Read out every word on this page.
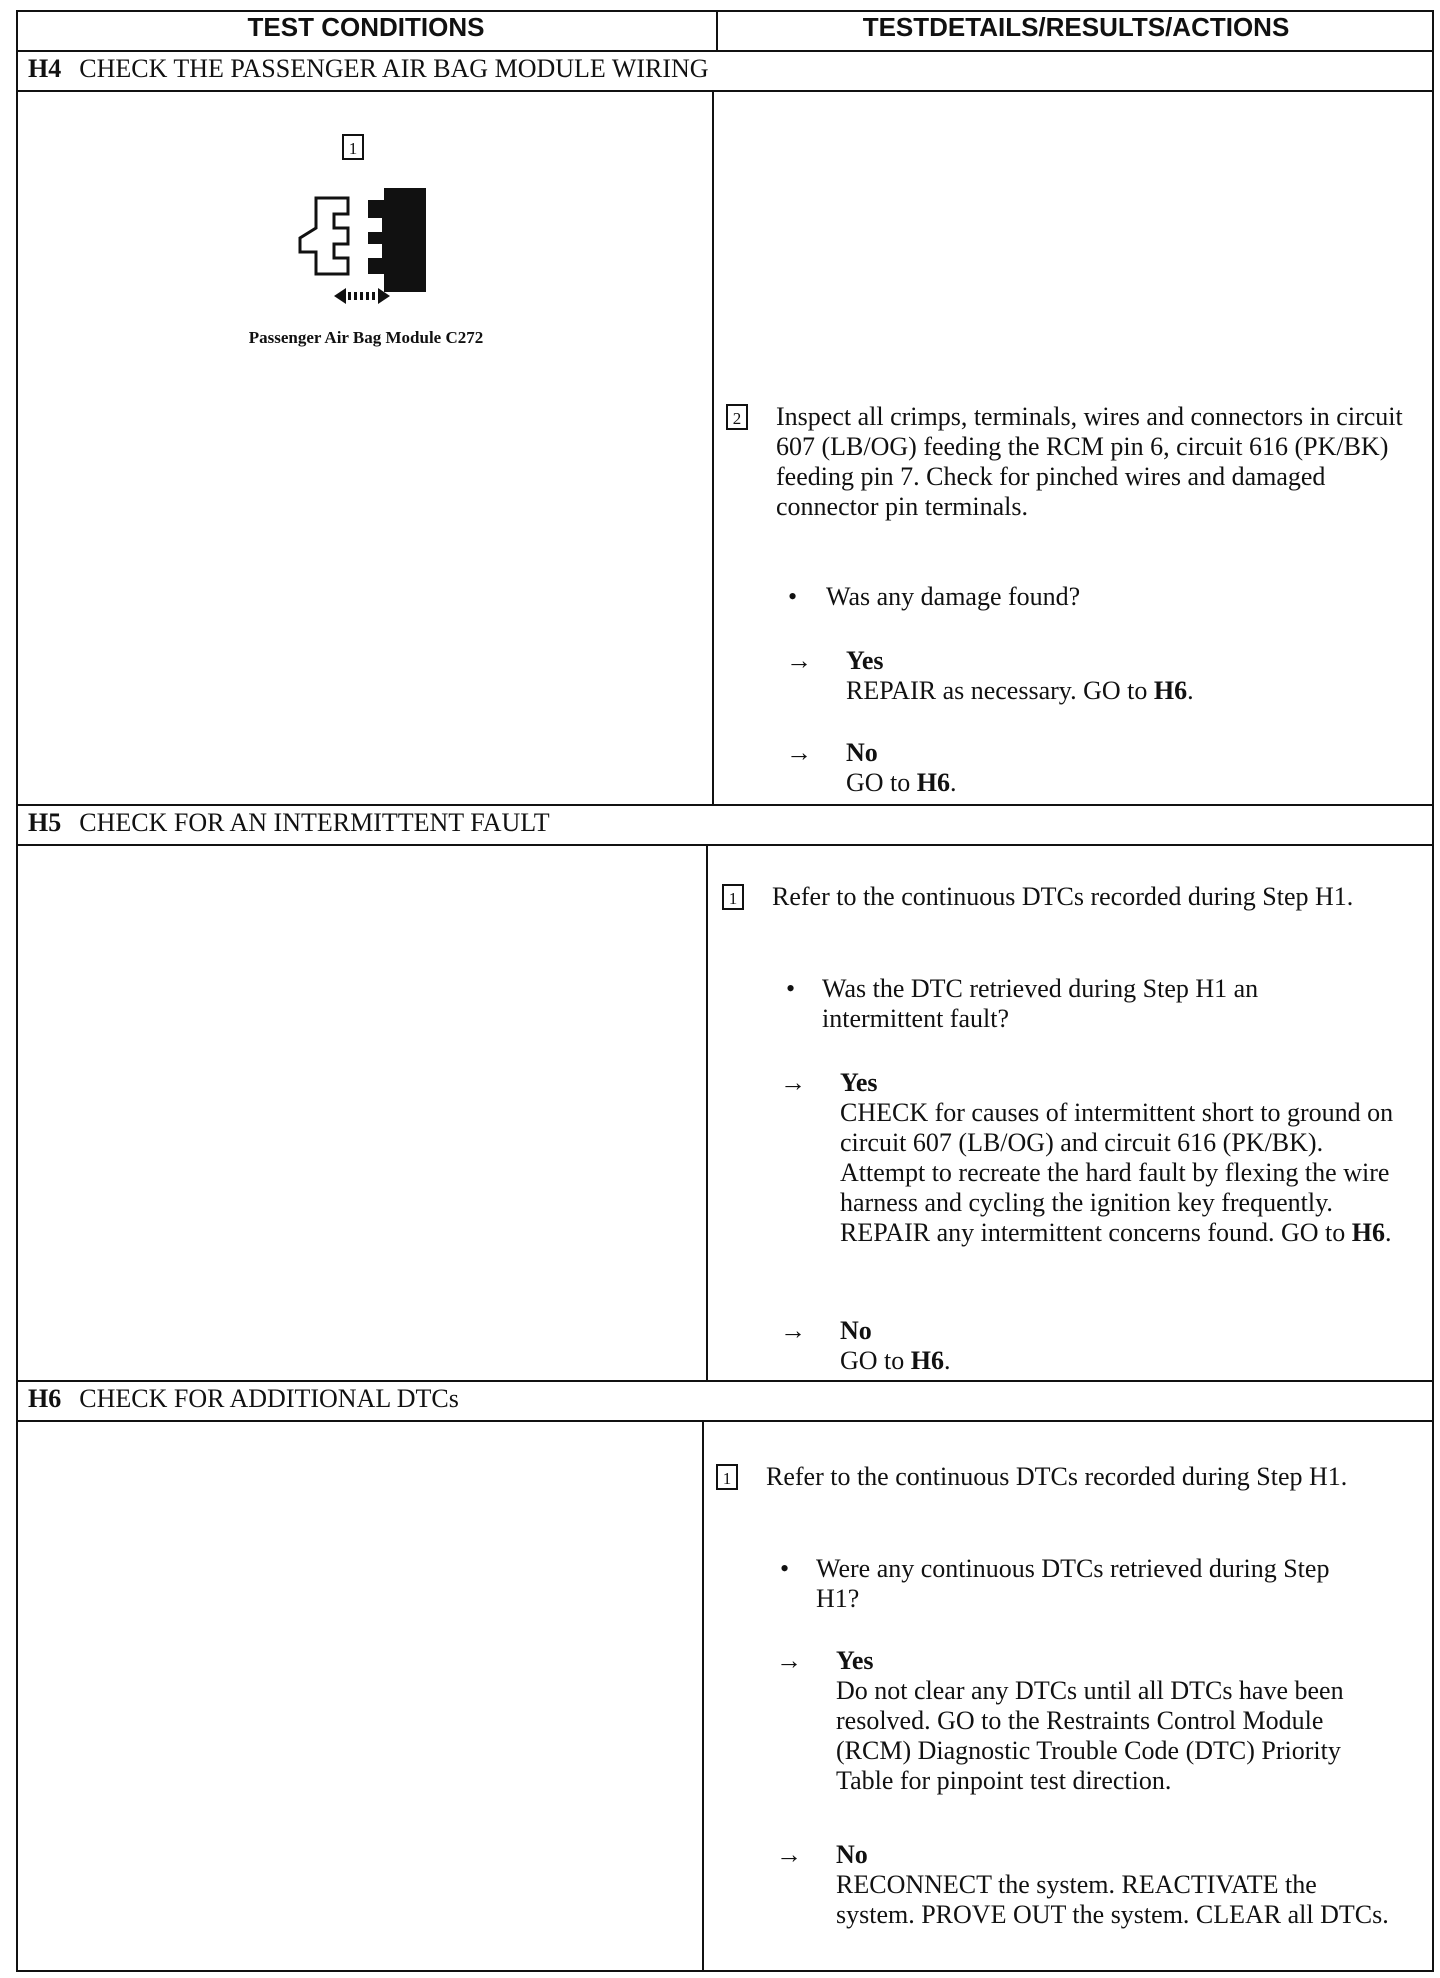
TEST CONDITIONS	TESTDETAILS/RESULTS/ACTIONS
H4 CHECK THE PASSENGER AIR BAG MODULE WIRING
1
Passenger Air Bag Module C272
2 Inspect all crimps, terminals, wires and connectors in circuit 607 (LB/OG) feeding the RCM pin 6, circuit 616 (PK/BK) feeding pin 7. Check for pinched wires and damaged connector pin terminals.
• Was any damage found?
→ Yes
REPAIR as necessary. GO to H6.
→ No
GO to H6.
H5 CHECK FOR AN INTERMITTENT FAULT
1 Refer to the continuous DTCs recorded during Step H1.
• Was the DTC retrieved during Step H1 an intermittent fault?
→ Yes
CHECK for causes of intermittent short to ground on circuit 607 (LB/OG) and circuit 616 (PK/BK). Attempt to recreate the hard fault by flexing the wire harness and cycling the ignition key frequently. REPAIR any intermittent concerns found. GO to H6.
→ No
GO to H6.
H6 CHECK FOR ADDITIONAL DTCs
1 Refer to the continuous DTCs recorded during Step H1.
• Were any continuous DTCs retrieved during Step H1?
→ Yes
Do not clear any DTCs until all DTCs have been resolved. GO to the Restraints Control Module (RCM) Diagnostic Trouble Code (DTC) Priority Table for pinpoint test direction.
→ No
RECONNECT the system. REACTIVATE the system. PROVE OUT the system. CLEAR all DTCs.
